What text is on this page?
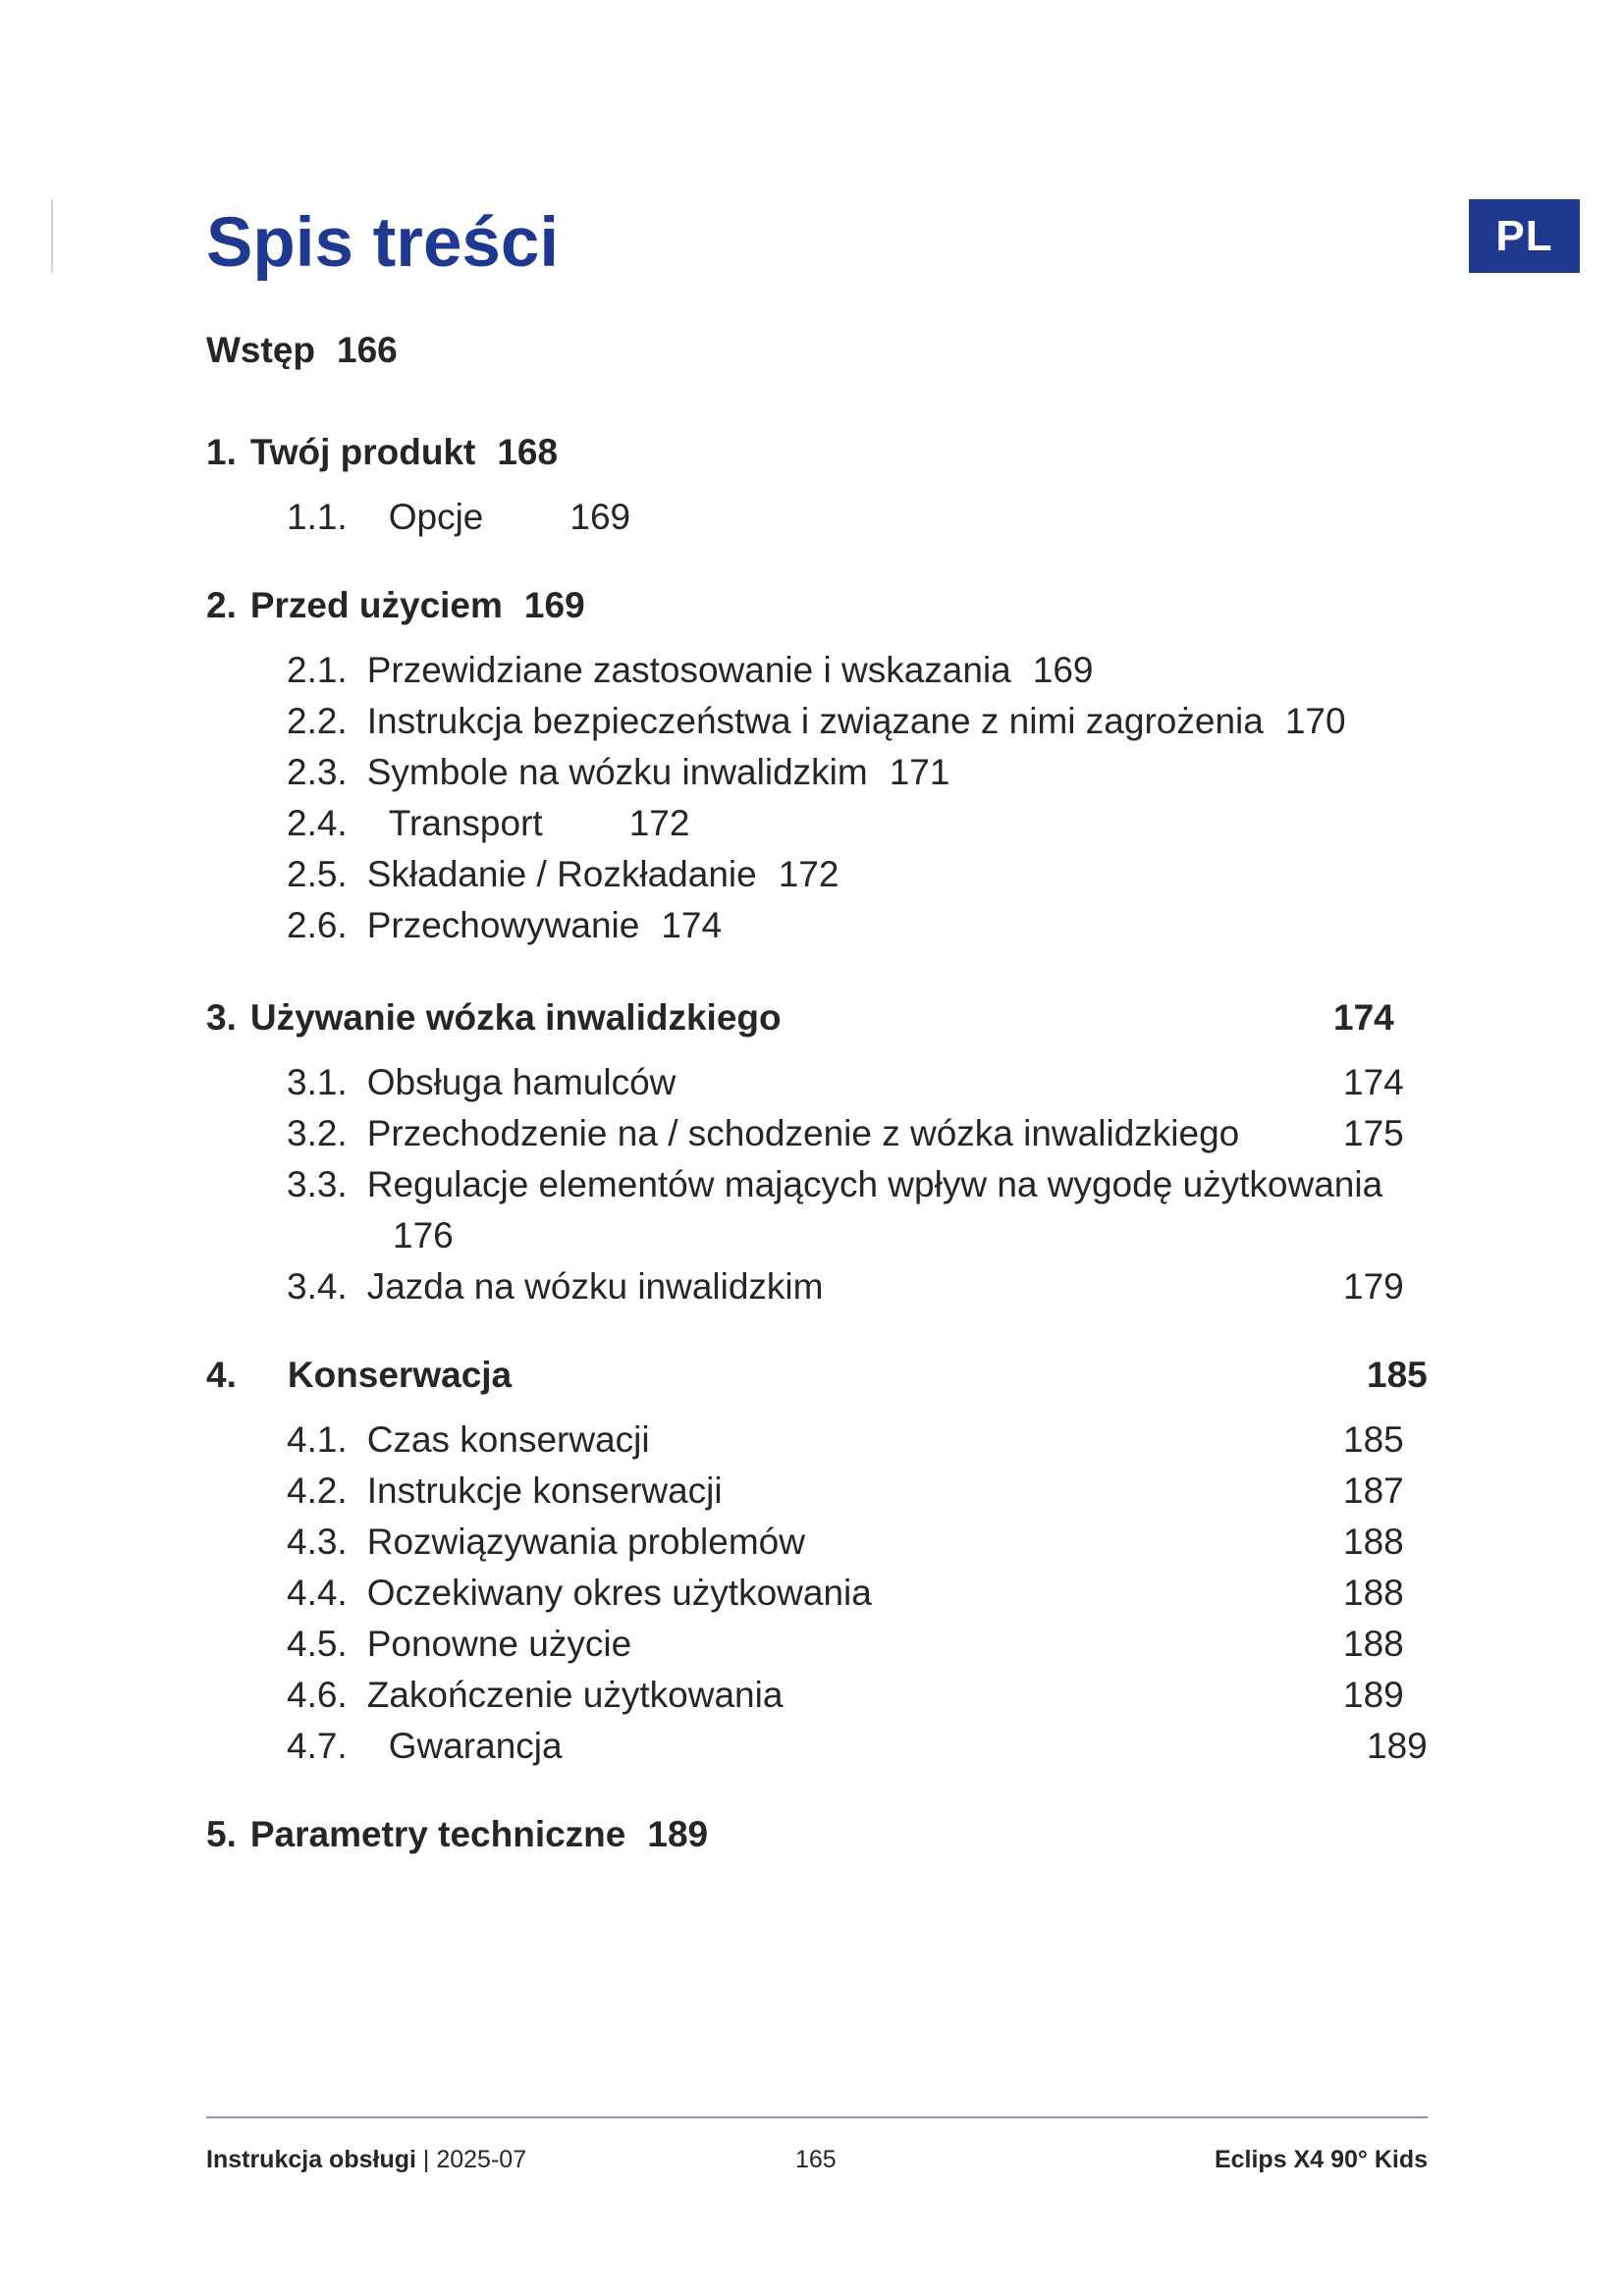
PL
Spis treści
Wstęp 166
1. Twój produkt 168
1.1. Opcje 169
2. Przed użyciem 169
2.1. Przewidziane zastosowanie i wskazania 169
2.2. Instrukcja bezpieczeństwa i związane z nimi zagrożenia 170
2.3. Symbole na wózku inwalidzkim 171
2.4. Transport 172
2.5. Składanie / Rozkładanie 172
2.6. Przechowywanie 174
3. Używanie wózka inwalidzkiego	174
3.1. Obsługa hamulców	174
3.2. Przechodzenie na / schodzenie z wózka inwalidzkiego	175
3.3. Regulacje elementów mających wpływ na wygodę użytkowania
176
3.4. Jazda na wózku inwalidzkim	179
4. Konserwacja	185
4.1. Czas konserwacji	185
4.2. Instrukcje konserwacji	187
4.3. Rozwiązywania problemów	188
4.4. Oczekiwany okres użytkowania	188
4.5. Ponowne użycie	188
4.6. Zakończenie użytkowania	189
4.7. Gwarancja	189
5. Parametry techniczne 189
Instrukcja obsługi | 2025-07	165	Eclips X4 90° Kids
